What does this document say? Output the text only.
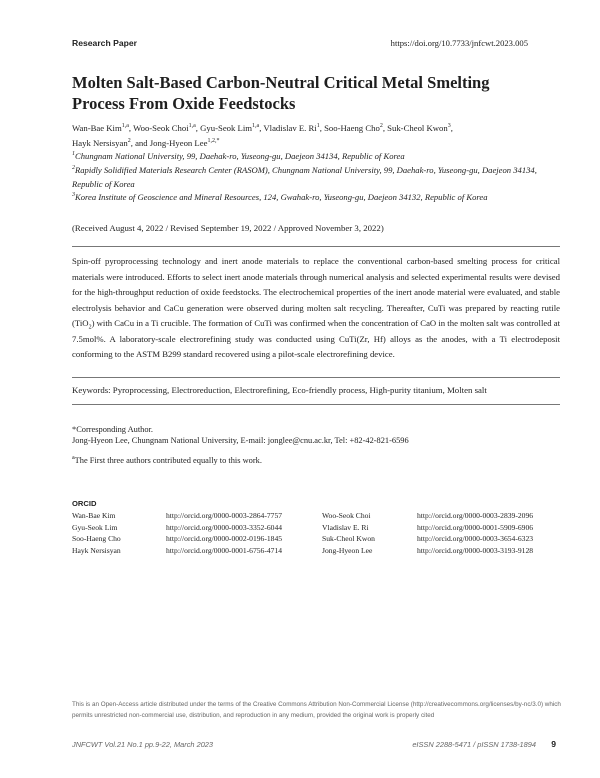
Research Paper	https://doi.org/10.7733/jnfcwt.2023.005
Molten Salt-Based Carbon-Neutral Critical Metal Smelting Process From Oxide Feedstocks
Wan-Bae Kim$^{1,a}$, Woo-Seok Choi$^{1,a}$, Gyu-Seok Lim$^{1,a}$, Vladislav E. Ri$^1$, Soo-Haeng Cho$^2$, Suk-Cheol Kwon$^3$,
Hayk Nersisyan$^2$, and Jong-Hyeon Lee$^{1,2,*}$
$^1$Chungnam National University, 99, Daehak-ro, Yuseong-gu, Daejeon 34134, Republic of Korea
$^2$Rapidly Solidified Materials Research Center (RASOM), Chungnam National University, 99, Daehak-ro, Yuseong-gu, Daejeon 34134, Republic of Korea
$^3$Korea Institute of Geoscience and Mineral Resources, 124, Gwahak-ro, Yuseong-gu, Daejeon 34132, Republic of Korea
(Received August 4, 2022 / Revised September 19, 2022 / Approved November 3, 2022)

Spin-off pyroprocessing technology and inert anode materials to replace the conventional carbon-based smelting process for critical materials were introduced. Efforts to select inert anode materials through numerical analysis and selected experimental results were devised for the high-throughput reduction of oxide feedstocks. The electrochemical properties of the inert anode material were evaluated, and stable electrolysis behavior and CaCu generation were observed during molten salt recycling. Thereafter, CuTi was prepared by reacting rutile (TiO$_2$) with CaCu in a Ti crucible. The formation of CuTi was confirmed when the concentration of CaO in the molten salt was controlled at 7.5mol%. A laboratory-scale electrorefining study was conducted using CuTi(Zr, Hf) alloys as the anodes, with a Ti electrodeposit conforming to the ASTM B299 standard recovered using a pilot-scale electrorefining device.

Keywords: Pyroprocessing, Electroreduction, Electrorefining, Eco-friendly process, High-purity titanium, Molten salt
*Corresponding Author.
Jong-Hyeon Lee, Chungnam National University, E-mail: jonglee@cnu.ac.kr, Tel: +82-42-821-6596
$^a$The First three authors contributed equally to this work.
ORCID
Wan-Bae Kim	http://orcid.org/0000-0003-2864-7757	Woo-Seok Choi	http://orcid.org/0000-0003-2839-2096
Gyu-Seok Lim	http://orcid.org/0000-0003-3352-6044	Vladislav E. Ri	http://orcid.org/0000-0001-5909-6906
Soo-Haeng Cho	http://orcid.org/0000-0002-0196-1845	Suk-Cheol Kwon	http://orcid.org/0000-0003-3654-6323
Hayk Nersisyan	http://orcid.org/0000-0001-6756-4714	Jong-Hyeon Lee	http://orcid.org/0000-0003-3193-9128
This is an Open-Access article distributed under the terms of the Creative Commons Attribution Non-Commercial License (http://creativecommons.org/licenses/by-nc/3.0) which permits unrestricted non-commercial use, distribution, and reproduction in any medium, provided the original work is properly cited
JNFCWT Vol.21 No.1 pp.9-22, March 2023	eISSN 2288-5471 / pISSN 1738-1894 9
